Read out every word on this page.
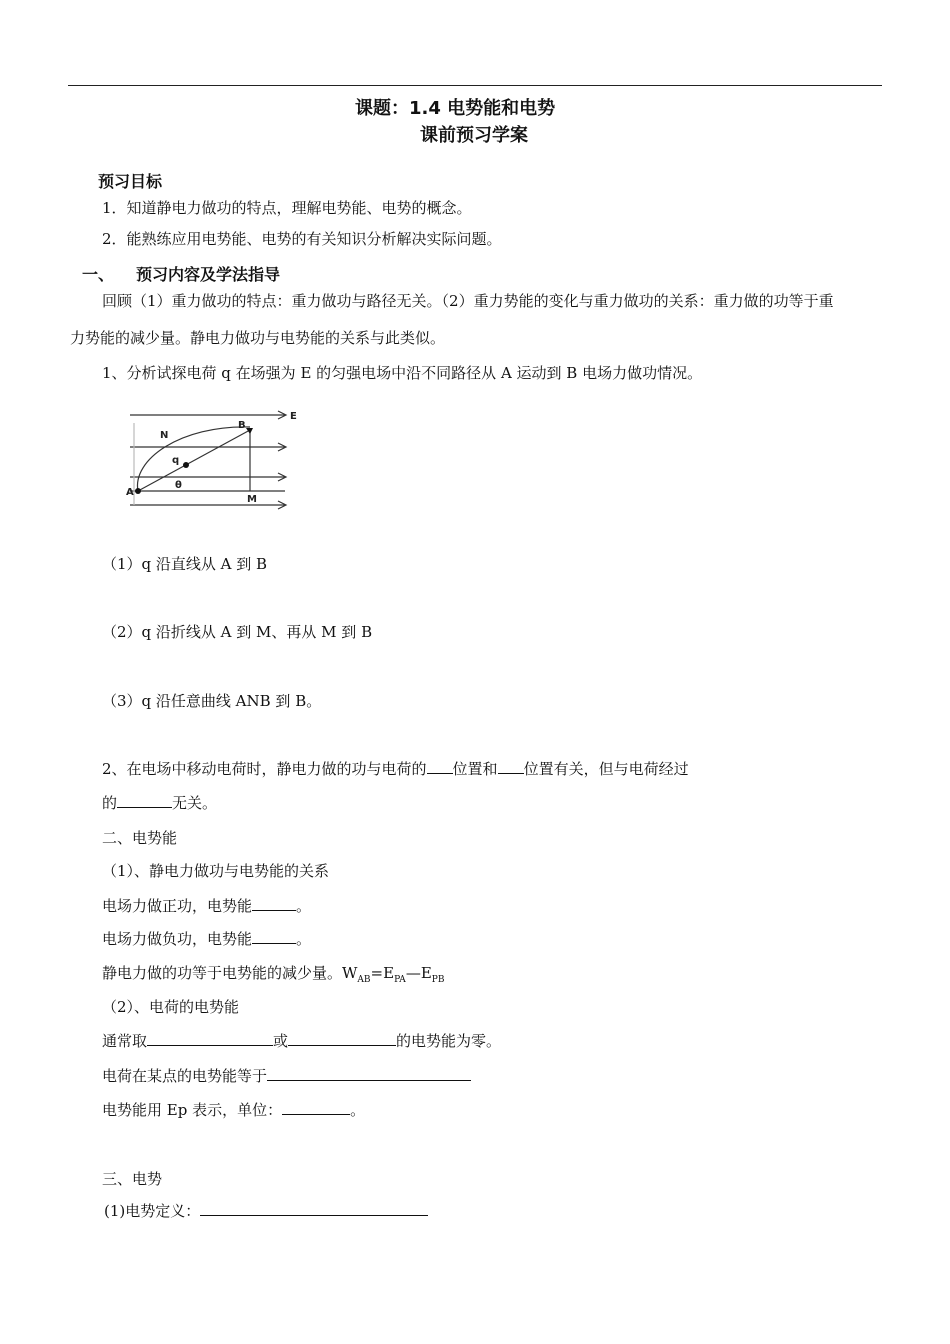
课题：1.4 电势能和电势
课前预习学案
预习目标
1．知道静电力做功的特点，理解电势能、电势的概念。
2．能熟练应用电势能、电势的有关知识分析解决实际问题。
一、 预习内容及学法指导
回顾（1）重力做功的特点：重力做功与路径无关。（2）重力势能的变化与重力做功的关系：重力做的功等于重
力势能的减少量。静电力做功与电势能的关系与此类似。
1、分析试探电荷 q 在场强为 E 的匀强电场中沿不同路径从 A 运动到 B 电场力做功情况。
E
N
B
q
A
θ
M
（1）q 沿直线从 A 到 B
（2）q 沿折线从 A 到 M、再从 M 到 B
（3）q 沿任意曲线 ANB 到 B。
2、在电场中移动电荷时，静电力做的功与电荷的 位置和 位置有关，但与电荷经过
的	无关。
二、电势能
（1）、静电力做功与电势能的关系
电场力做正功，电势能	。
电场力做负功，电势能	。
静电力做的功等于电势能的减少量。$W_{AB}=E_{PA}—E_{PB}$
（2）、电荷的电势能
通常取	或	的电势能为零。
电荷在某点的电势能等于
电势能用 Ep 表示，单位：	。
三、电势
(1)电势定义：
